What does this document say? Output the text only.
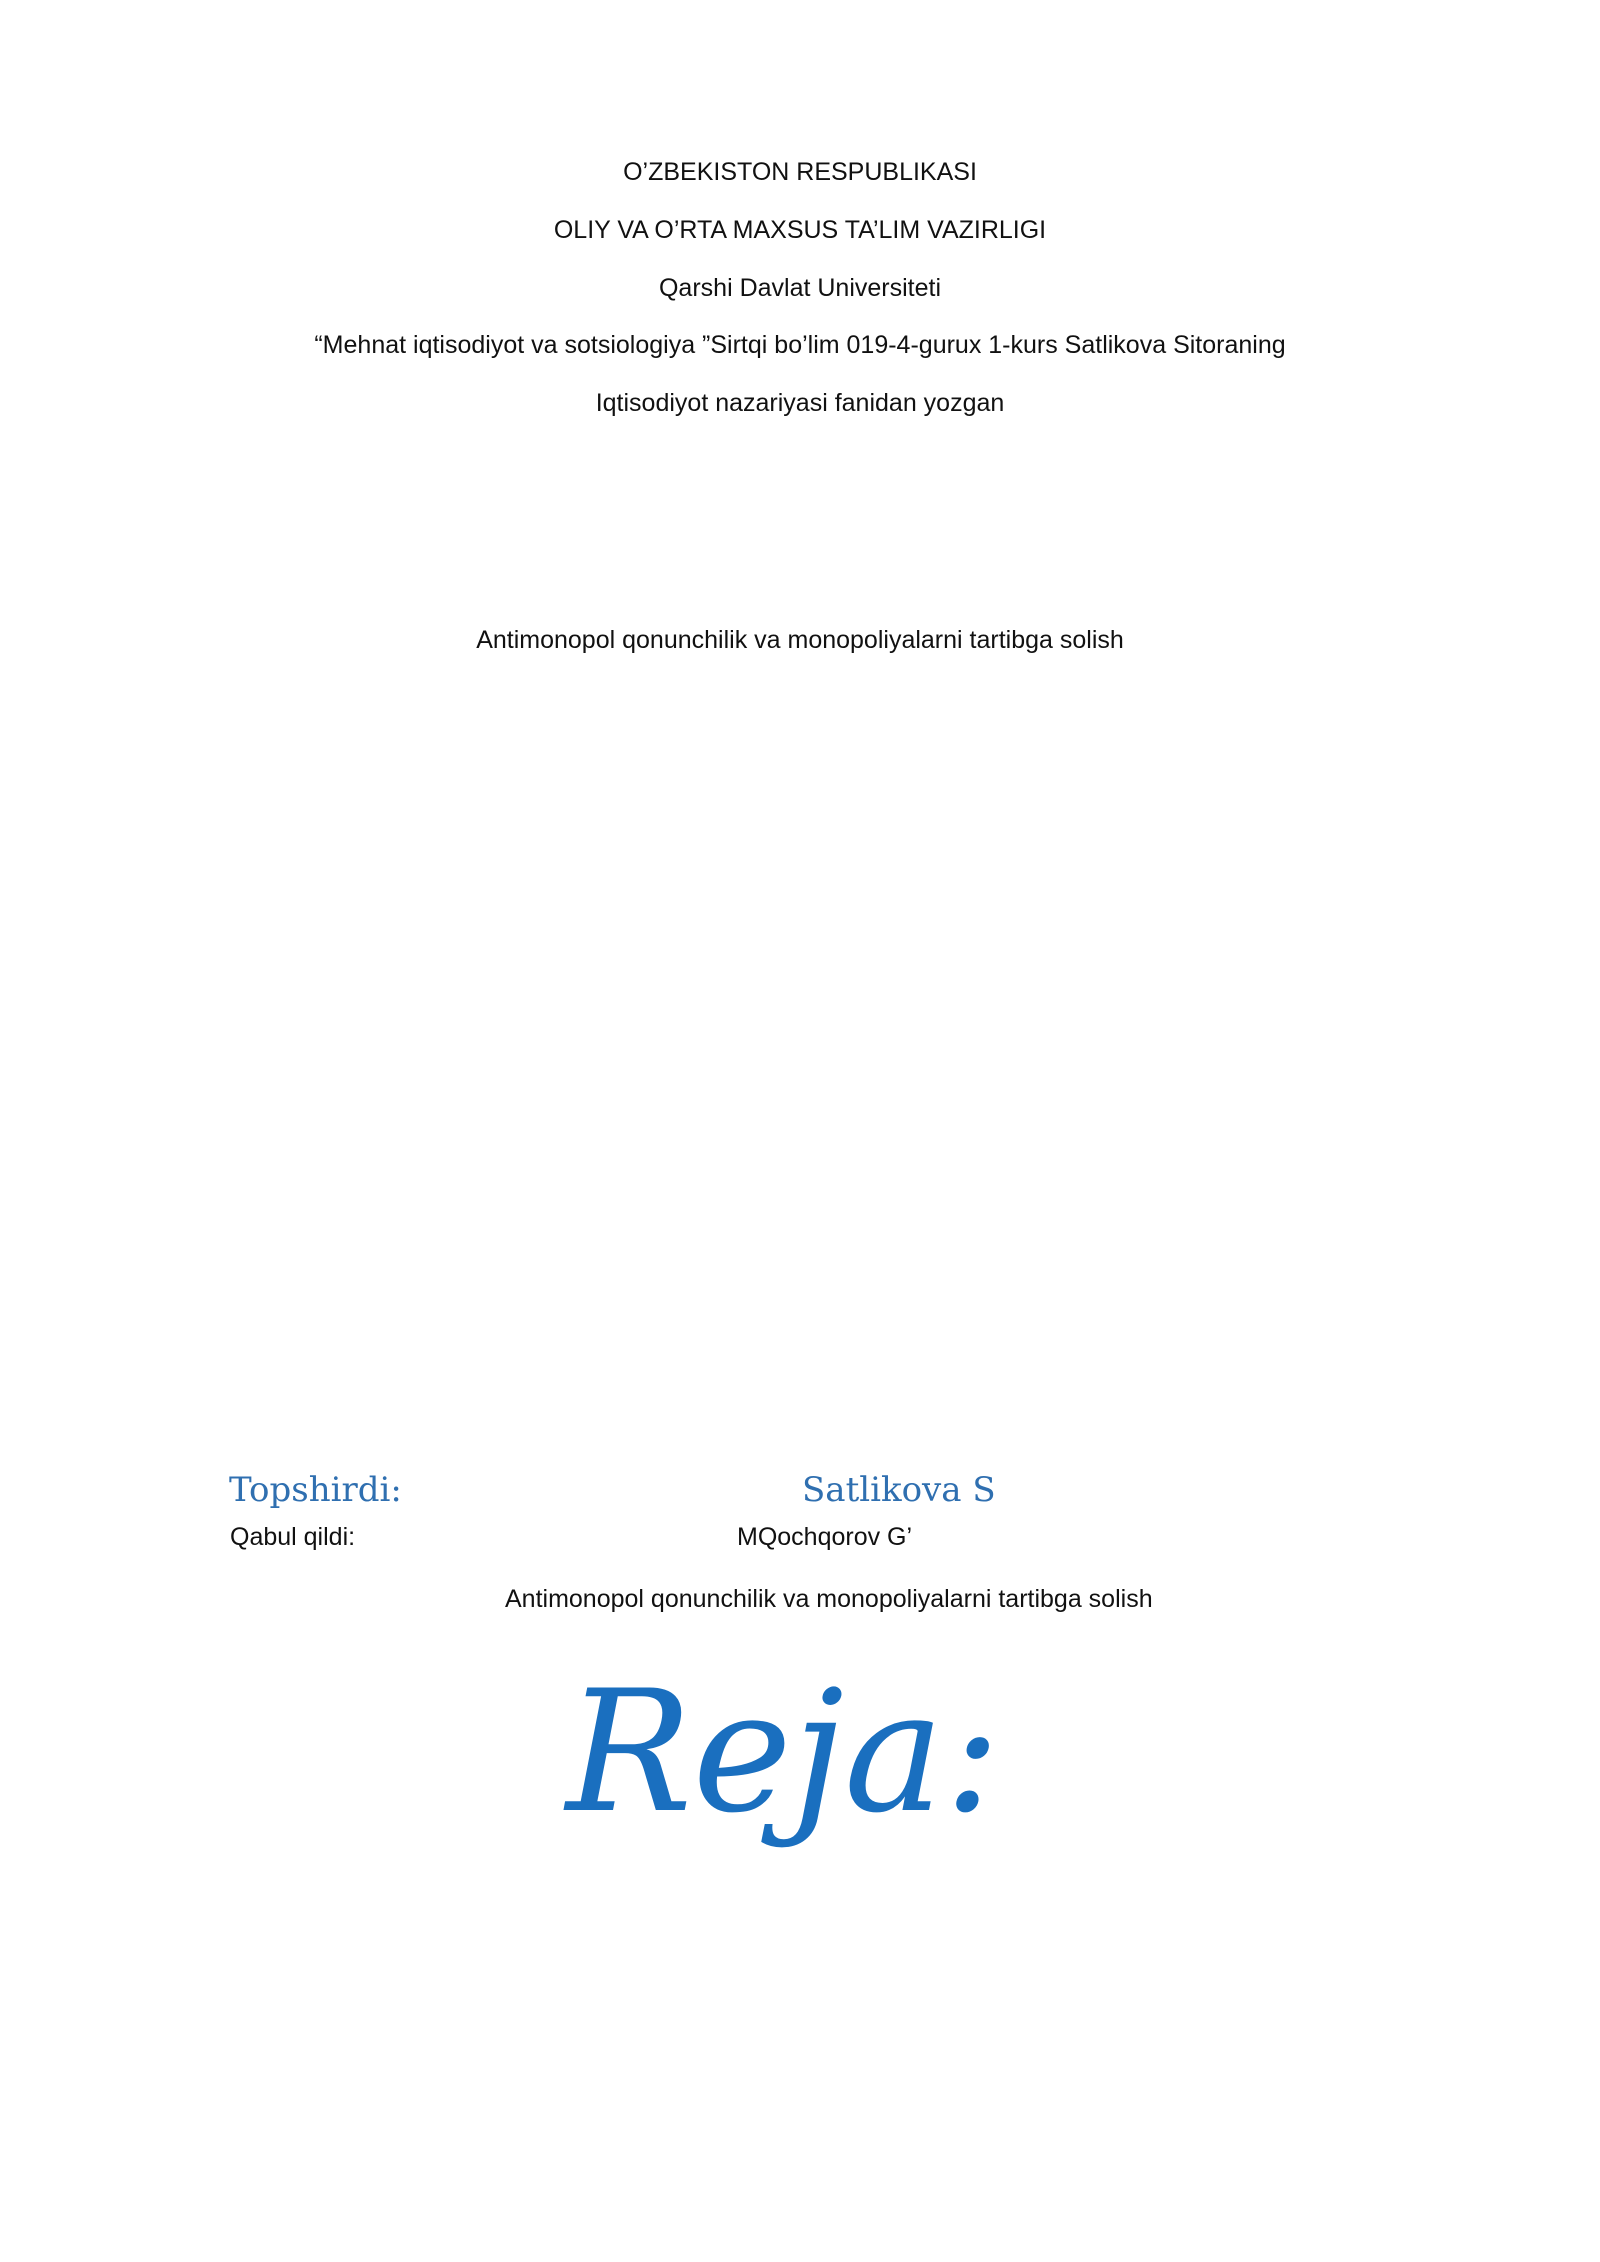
O’ZBEKISTON RESPUBLIKASI
OLIY VA O’RTA MAXSUS TA’LIM VAZIRLIGI
Qarshi Davlat Universiteti
“Mehnat iqtisodiyot va sotsiologiya ”Sirtqi bo’lim 019-4-gurux 1-kurs Satlikova Sitoraning
Iqtisodiyot nazariyasi fanidan yozgan
Antimonopol qonunchilik va monopoliyalarni tartibga solish
Topshirdi:	Satlikova S
Qabul qildi:	MQochqorov G’
Antimonopol qonunchilik va monopoliyalarni tartibga solish
Reja:
